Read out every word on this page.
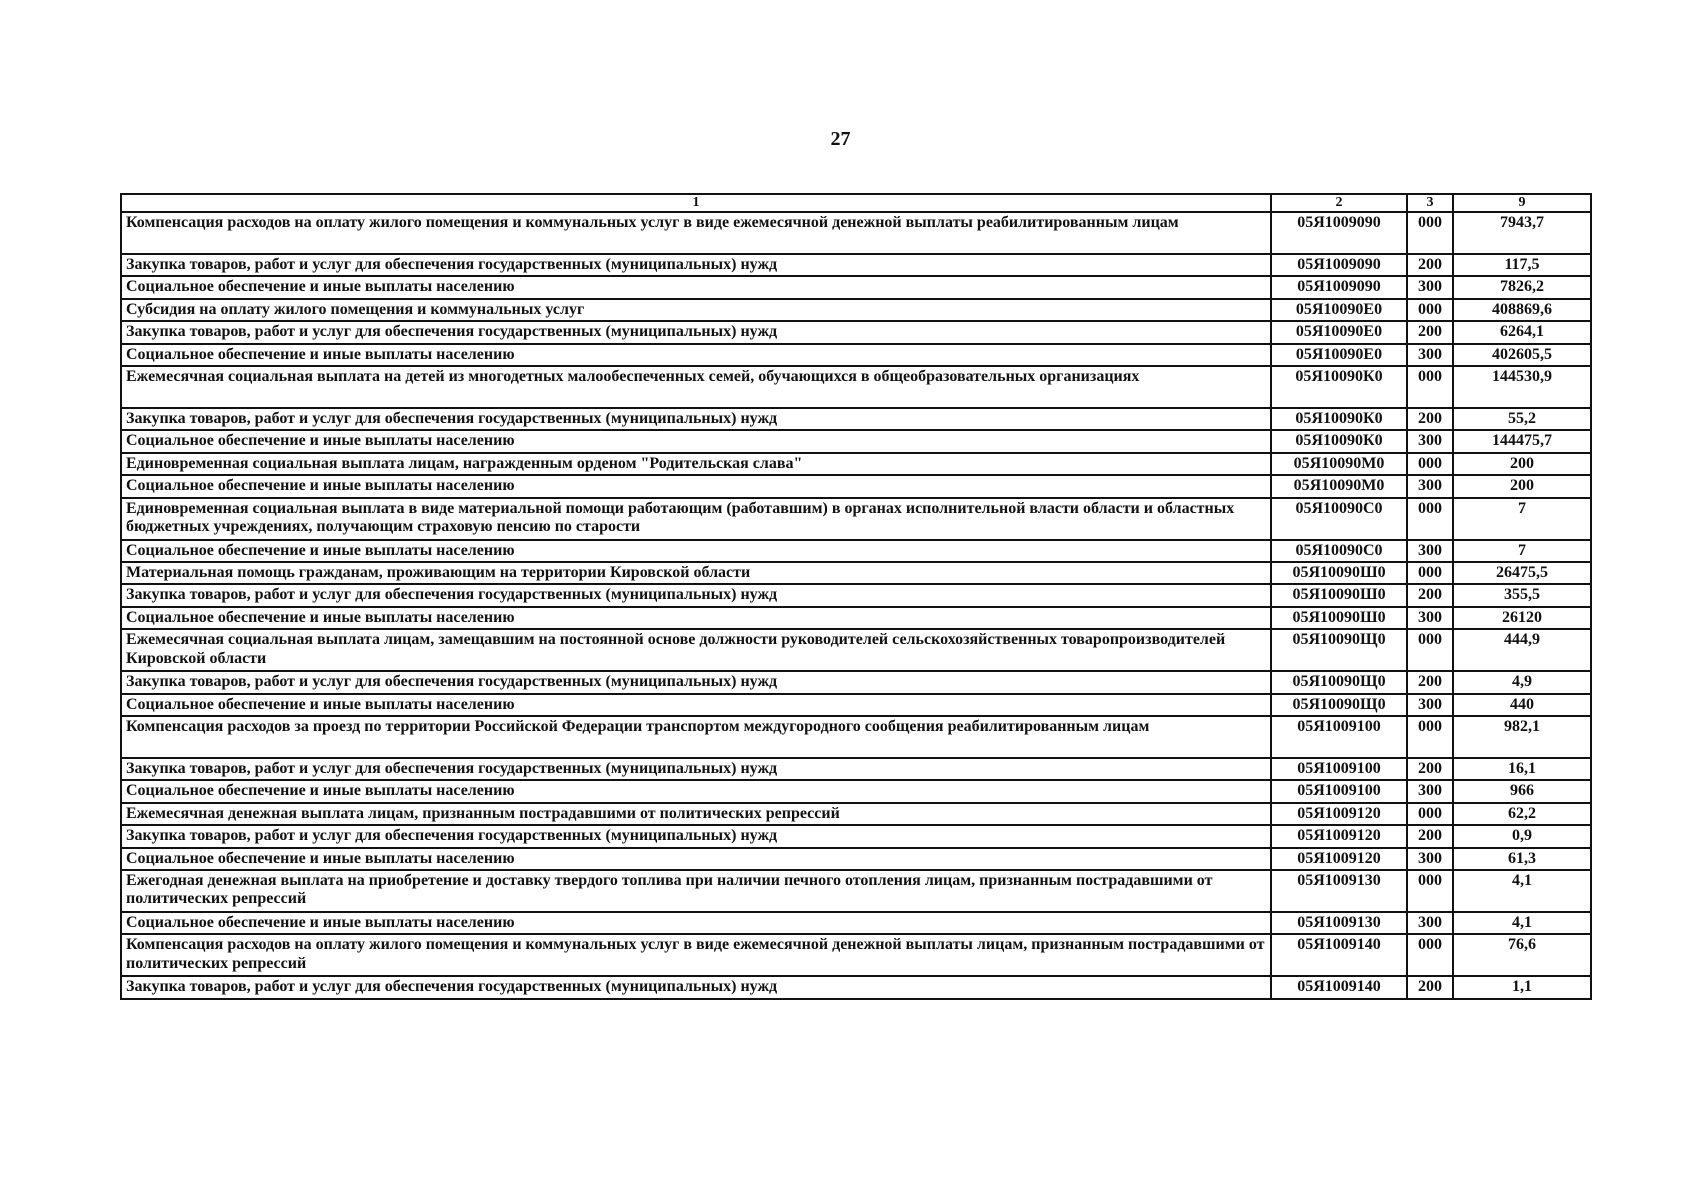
27
1	2	3	9
Компенсация расходов на оплату жилого помещения и коммунальных услуг в виде ежемесячной денежной выплаты реабилитированным лицам	05Я1009090	000	7943,7
Закупка товаров, работ и услуг для обеспечения государственных (муниципальных) нужд	05Я1009090	200	117,5
Социальное обеспечение и иные выплаты населению	05Я1009090	300	7826,2
Субсидия на оплату жилого помещения и коммунальных услуг	05Я10090Е0	000	408869,6
Закупка товаров, работ и услуг для обеспечения государственных (муниципальных) нужд	05Я10090Е0	200	6264,1
Социальное обеспечение и иные выплаты населению	05Я10090Е0	300	402605,5
Ежемесячная социальная выплата на детей из многодетных малообеспеченных семей, обучающихся в общеобразовательных организациях	05Я10090К0	000	144530,9
Закупка товаров, работ и услуг для обеспечения государственных (муниципальных) нужд	05Я10090К0	200	55,2
Социальное обеспечение и иные выплаты населению	05Я10090К0	300	144475,7
Единовременная социальная выплата лицам, награжденным орденом "Родительская слава"	05Я10090М0	000	200
Социальное обеспечение и иные выплаты населению	05Я10090М0	300	200
Единовременная социальная выплата в виде материальной помощи работающим (работавшим) в органах исполнительной власти области и областных бюджетных учреждениях, получающим страховую пенсию по старости	05Я10090С0	000	7
Социальное обеспечение и иные выплаты населению	05Я10090С0	300	7
Материальная помощь гражданам, проживающим на территории Кировской области	05Я10090Ш0	000	26475,5
Закупка товаров, работ и услуг для обеспечения государственных (муниципальных) нужд	05Я10090Ш0	200	355,5
Социальное обеспечение и иные выплаты населению	05Я10090Ш0	300	26120
Ежемесячная социальная выплата лицам, замещавшим на постоянной основе должности руководителей сельскохозяйственных товаропроизводителей Кировской области	05Я10090Щ0	000	444,9
Закупка товаров, работ и услуг для обеспечения государственных (муниципальных) нужд	05Я10090Щ0	200	4,9
Социальное обеспечение и иные выплаты населению	05Я10090Щ0	300	440
Компенсация расходов за проезд по территории Российской Федерации транспортом междугородного сообщения реабилитированным лицам	05Я1009100	000	982,1
Закупка товаров, работ и услуг для обеспечения государственных (муниципальных) нужд	05Я1009100	200	16,1
Социальное обеспечение и иные выплаты населению	05Я1009100	300	966
Ежемесячная денежная выплата лицам, признанным пострадавшими от политических репрессий	05Я1009120	000	62,2
Закупка товаров, работ и услуг для обеспечения государственных (муниципальных) нужд	05Я1009120	200	0,9
Социальное обеспечение и иные выплаты населению	05Я1009120	300	61,3
Ежегодная денежная выплата на приобретение и доставку твердого топлива при наличии печного отопления лицам, признанным пострадавшими от политических репрессий	05Я1009130	000	4,1
Социальное обеспечение и иные выплаты населению	05Я1009130	300	4,1
Компенсация расходов на оплату жилого помещения и коммунальных услуг в виде ежемесячной денежной выплаты лицам, признанным пострадавшими от политических репрессий	05Я1009140	000	76,6
Закупка товаров, работ и услуг для обеспечения государственных (муниципальных) нужд	05Я1009140	200	1,1
